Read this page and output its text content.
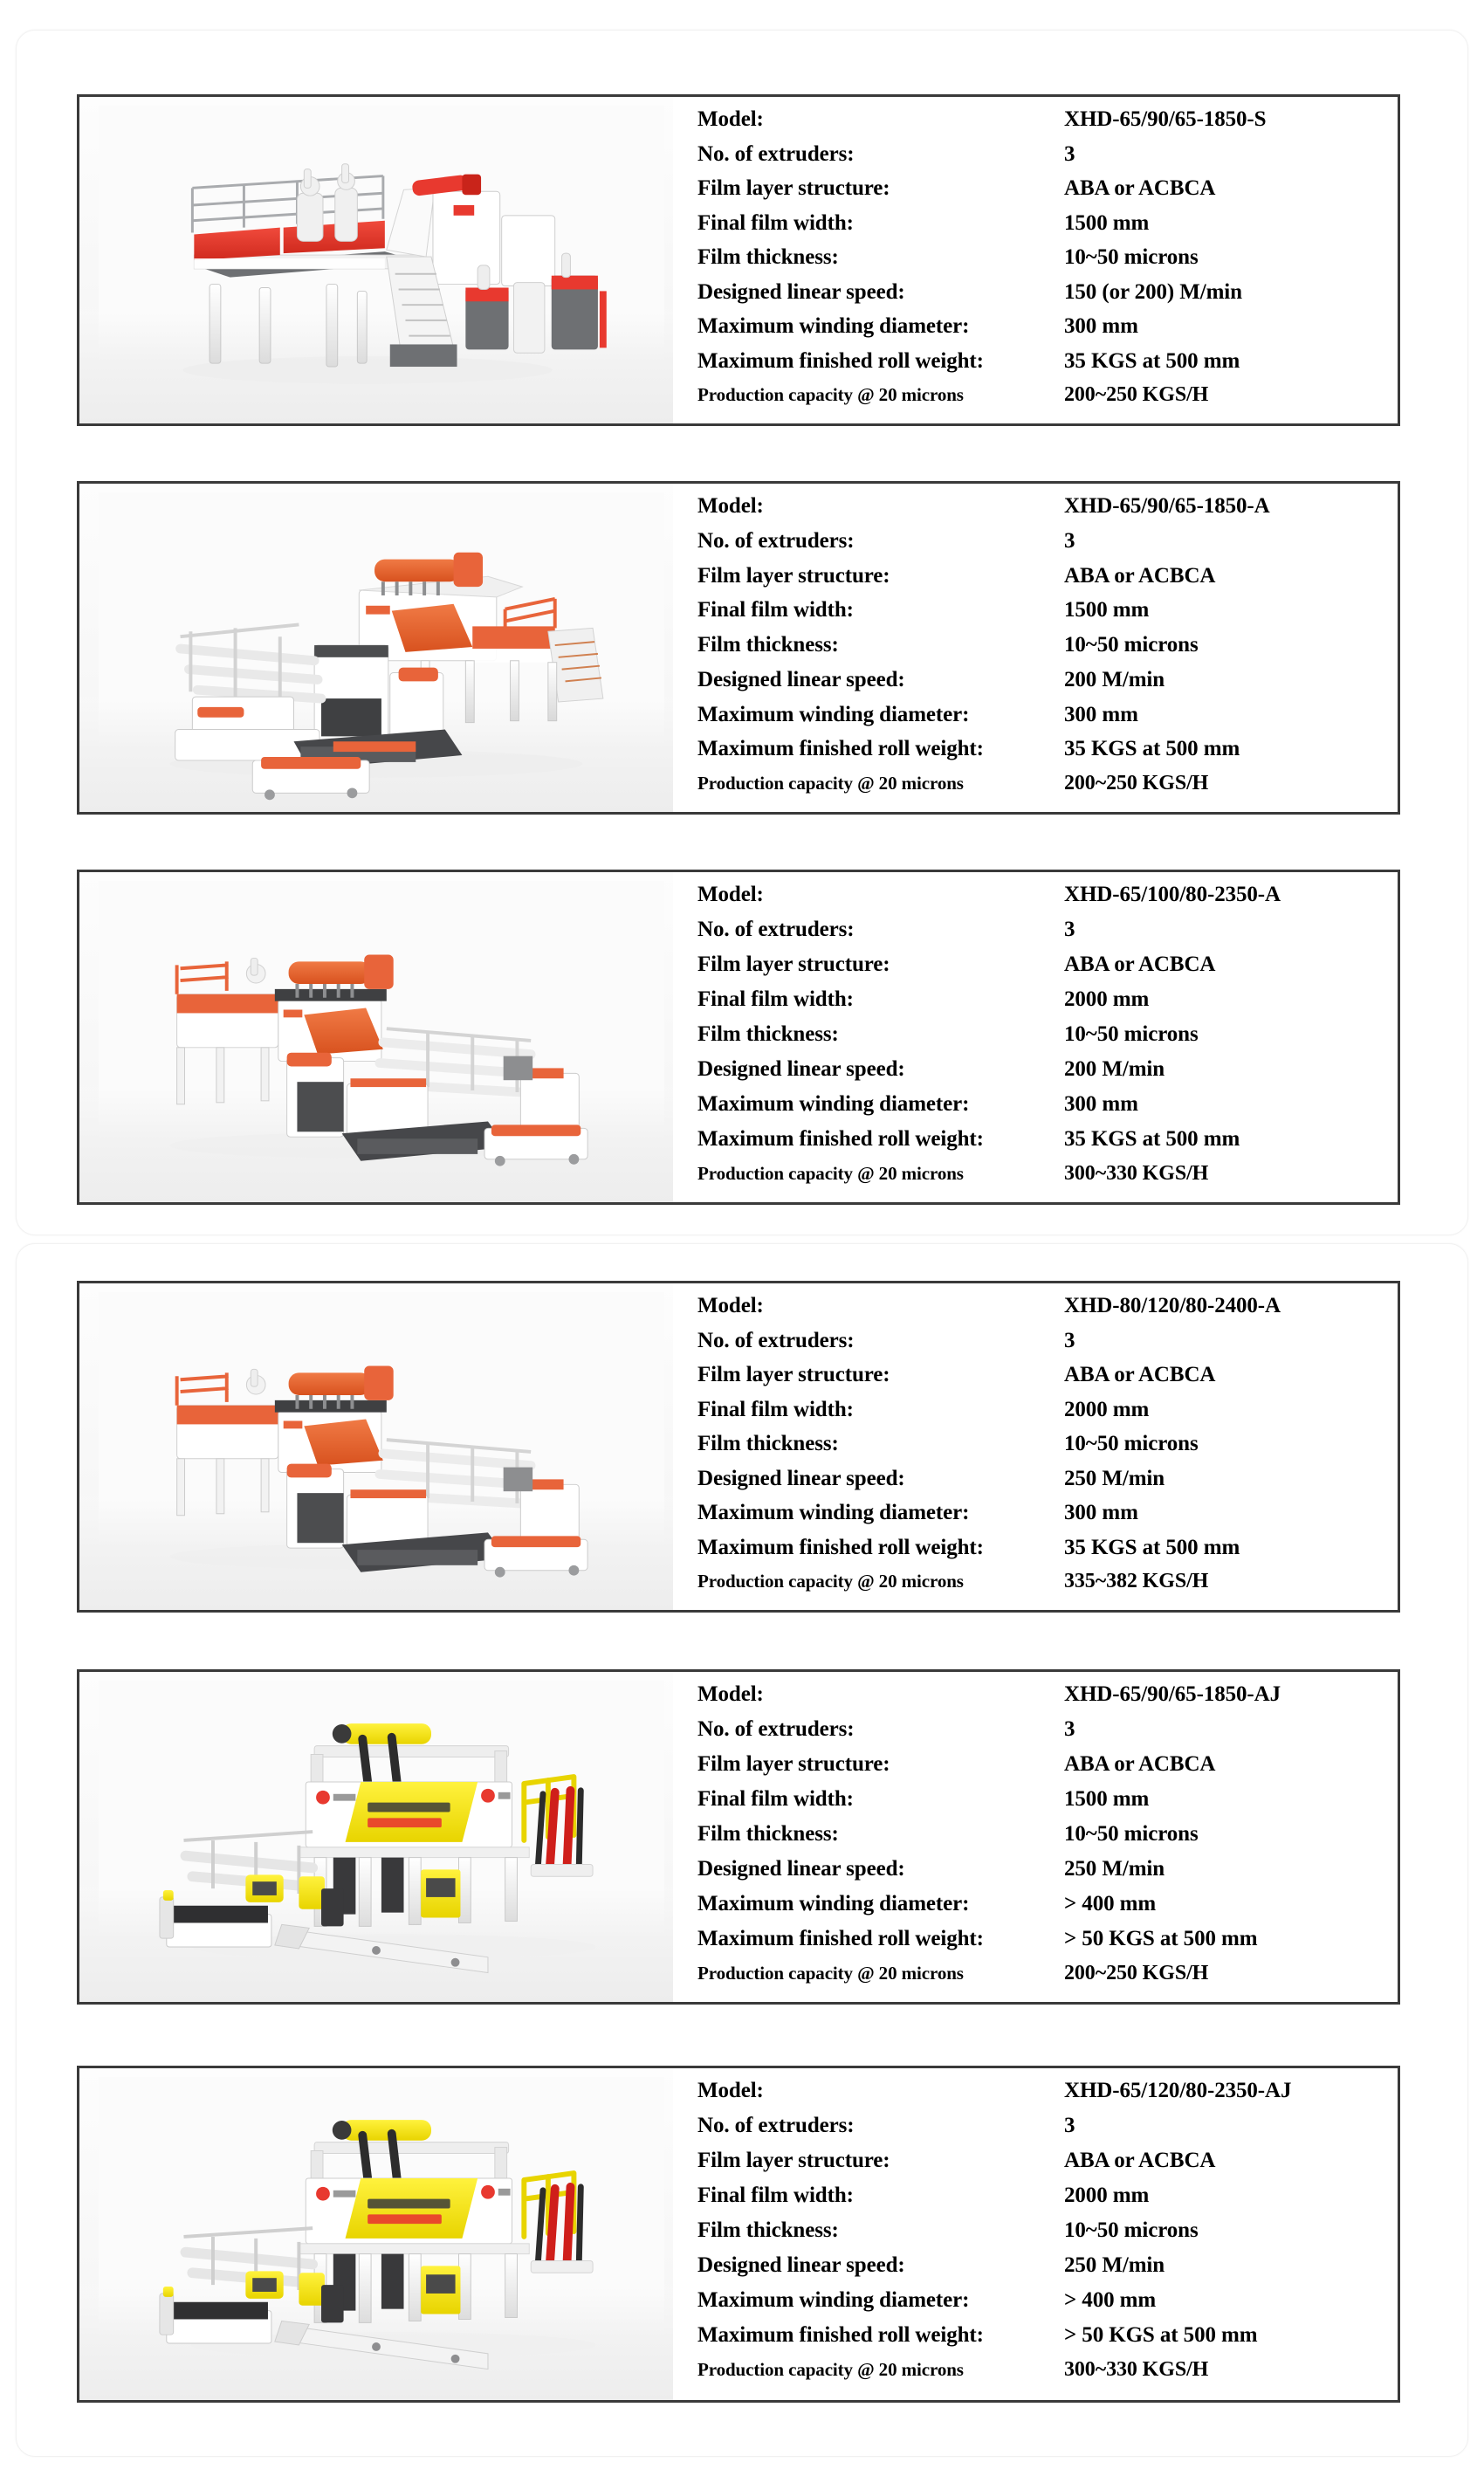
Model:	XHD-65/90/65-1850-S
No. of extruders:	3
Film layer structure:	ABA or ACBCA
Final film width:	1500 mm
Film thickness:	10~50 microns
Designed linear speed:	150 (or 200) M/min
Maximum winding diameter:	300 mm
Maximum finished roll weight:	35 KGS at 500 mm
Production capacity @ 20 microns	200~250 KGS/H
Model:	XHD-65/90/65-1850-A
No. of extruders:	3
Film layer structure:	ABA or ACBCA
Final film width:	1500 mm
Film thickness:	10~50 microns
Designed linear speed:	200 M/min
Maximum winding diameter:	300 mm
Maximum finished roll weight:	35 KGS at 500 mm
Production capacity @ 20 microns	200~250 KGS/H
Model:	XHD-65/100/80-2350-A
No. of extruders:	3
Film layer structure:	ABA or ACBCA
Final film width:	2000 mm
Film thickness:	10~50 microns
Designed linear speed:	200 M/min
Maximum winding diameter:	300 mm
Maximum finished roll weight:	35 KGS at 500 mm
Production capacity @ 20 microns	300~330 KGS/H
Model:	XHD-80/120/80-2400-A
No. of extruders:	3
Film layer structure:	ABA or ACBCA
Final film width:	2000 mm
Film thickness:	10~50 microns
Designed linear speed:	250 M/min
Maximum winding diameter:	300 mm
Maximum finished roll weight:	35 KGS at 500 mm
Production capacity @ 20 microns	335~382 KGS/H
Model:	XHD-65/90/65-1850-AJ
No. of extruders:	3
Film layer structure:	ABA or ACBCA
Final film width:	1500 mm
Film thickness:	10~50 microns
Designed linear speed:	250 M/min
Maximum winding diameter:	> 400 mm
Maximum finished roll weight:	> 50 KGS at 500 mm
Production capacity @ 20 microns	200~250 KGS/H
Model:	XHD-65/120/80-2350-AJ
No. of extruders:	3
Film layer structure:	ABA or ACBCA
Final film width:	2000 mm
Film thickness:	10~50 microns
Designed linear speed:	250 M/min
Maximum winding diameter:	> 400 mm
Maximum finished roll weight:	> 50 KGS at 500 mm
Production capacity @ 20 microns	300~330 KGS/H
